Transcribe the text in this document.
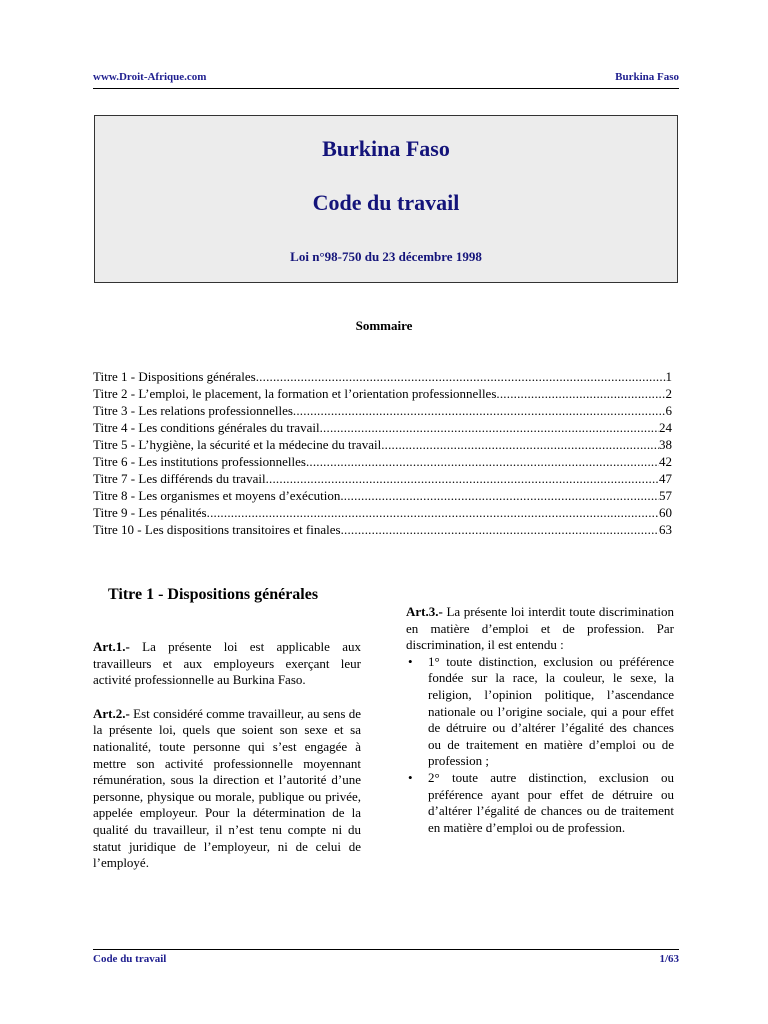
www.Droit-Afrique.com	Burkina Faso
Burkina Faso
Code du travail
Loi n°98-750 du 23 décembre 1998
Sommaire
Titre 1 - Dispositions générales .....	1
Titre 2 - L’emploi, le placement, la formation et l’orientation professionnelles .....	2
Titre 3 - Les relations professionnelles .....	6
Titre 4 - Les conditions générales du travail .....	24
Titre 5 - L’hygiène, la sécurité et la médecine du travail .....	38
Titre 6 - Les institutions professionnelles .....	42
Titre 7 - Les différends du travail .....	47
Titre 8 - Les organismes et moyens d’exécution .....	57
Titre 9 - Les pénalités .....	60
Titre 10 - Les dispositions transitoires et finales .....	63
Titre 1 - Dispositions générales

Art.1.- La présente loi est applicable aux travailleurs et aux employeurs exerçant leur activité professionnelle au Burkina Faso.

Art.2.- Est considéré comme travailleur, au sens de la présente loi, quels que soient son sexe et sa nationalité, toute personne qui s’est engagée à mettre son activité professionnelle moyennant rémunération, sous la direction et l’autorité d’une personne, physique ou morale, publique ou privée, appelée employeur. Pour la détermination de la qualité du travailleur, il n’est tenu compte ni du statut juridique de l’employeur, ni de celui de l’employé.

Art.3.- La présente loi interdit toute discrimination en matière d’emploi et de profession. Par discrimination, il est entendu :

• 1° toute distinction, exclusion ou préférence fondée sur la race, la couleur, le sexe, la religion, l’opinion politique, l’ascendance nationale ou l’origine sociale, qui a pour effet de détruire ou d’altérer l’égalité des chances ou de traitement en matière d’emploi ou de profession ;
• 2° toute autre distinction, exclusion ou préférence ayant pour effet de détruire ou d’altérer l’égalité de chances ou de traitement en matière d’emploi ou de profession.
Code du travail	1/63
